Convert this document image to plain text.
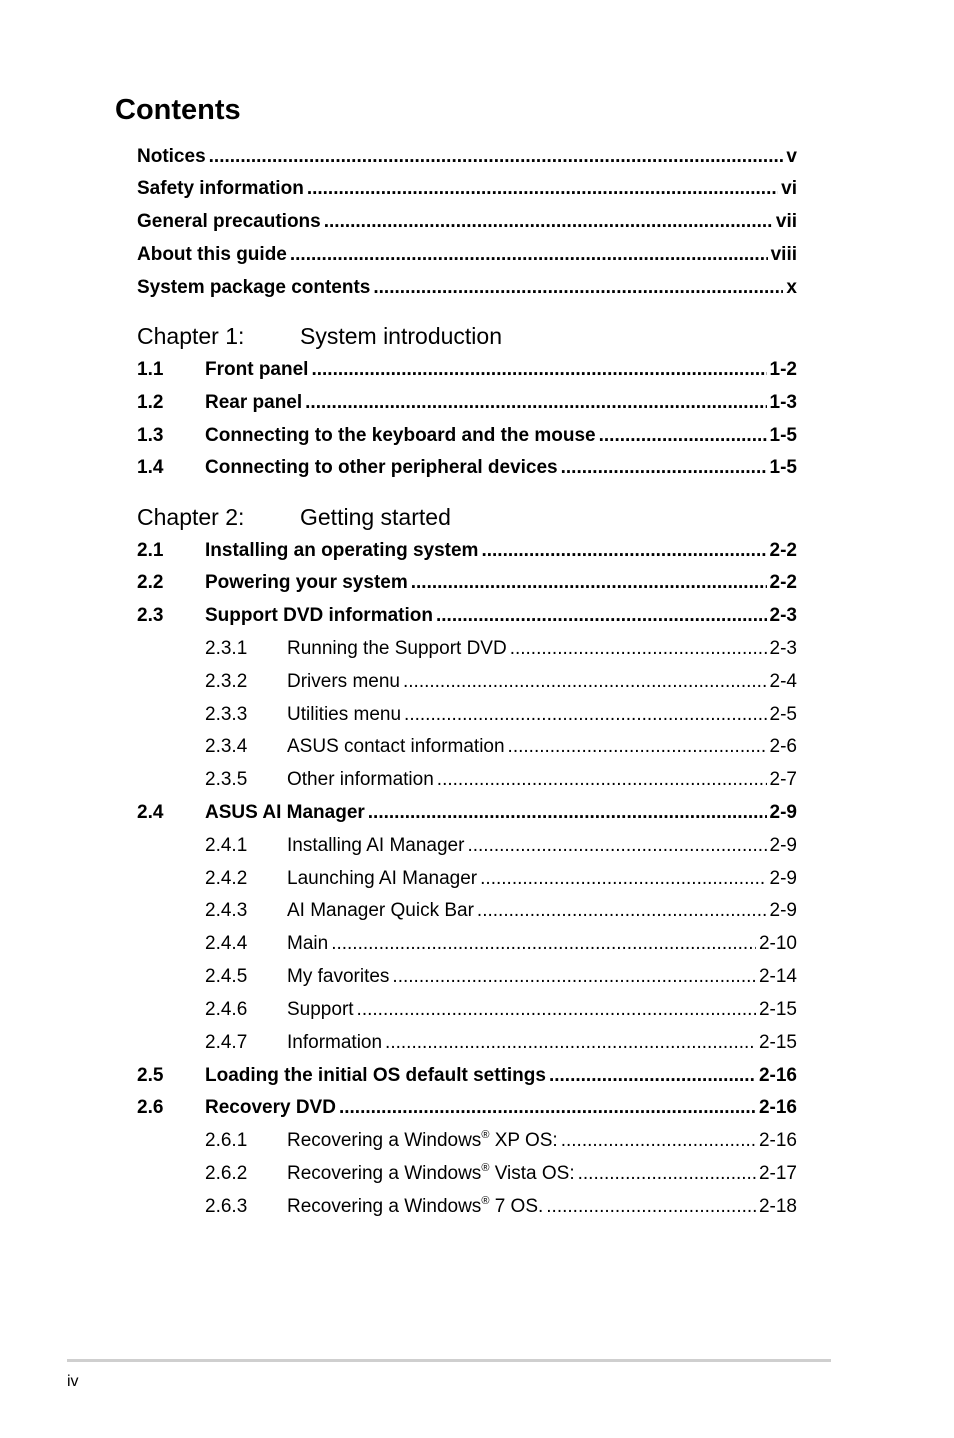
Contents
Notices .....	v
Safety information .....	vi
General precautions .....	vii
About this guide .....	viii
System package contents .....	x
Chapter 1: System introduction
1.1	Front panel .....	1-2
1.2	Rear panel .....	1-3
1.3	Connecting to the keyboard and the mouse .....	1-5
1.4	Connecting to other peripheral devices .....	1-5
Chapter 2: Getting started
2.1	Installing an operating system .....	2-2
2.2	Powering your system .....	2-2
2.3	Support DVD information .....	2-3
2.3.1	Running the Support DVD .....	2-3
2.3.2	Drivers menu .....	2-4
2.3.3	Utilities menu .....	2-5
2.3.4	ASUS contact information .....	2-6
2.3.5	Other information .....	2-7
2.4	ASUS AI Manager .....	2-9
2.4.1	Installing AI Manager .....	2-9
2.4.2	Launching AI Manager .....	2-9
2.4.3	AI Manager Quick Bar .....	2-9
2.4.4	Main .....	2-10
2.4.5	My favorites .....	2-14
2.4.6	Support .....	2-15
2.4.7	Information .....	2-15
2.5	Loading the initial OS default settings .....	2-16
2.6	Recovery DVD .....	2-16
2.6.1	Recovering a Windows® XP OS: .....	2-16
2.6.2	Recovering a Windows® Vista OS: .....	2-17
2.6.3	Recovering a Windows® 7 OS. .....	2-18
iv
